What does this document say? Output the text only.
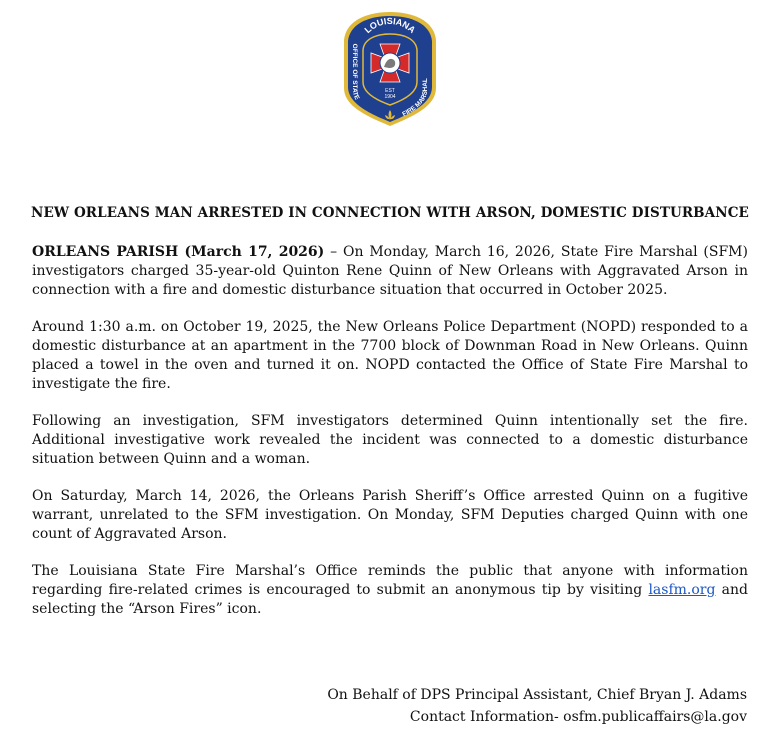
LOUISIANA
OFFICE OF STATE
FIRE MARSHAL
EST
1904
NEW ORLEANS MAN ARRESTED IN CONNECTION WITH ARSON, DOMESTIC DISTURBANCE

ORLEANS PARISH (March 17, 2026) – On Monday, March 16, 2026, State Fire Marshal (SFM) investigators charged 35-year-old Quinton Rene Quinn of New Orleans with Aggravated Arson in connection with a fire and domestic disturbance situation that occurred in October 2025.

Around 1:30 a.m. on October 19, 2025, the New Orleans Police Department (NOPD) responded to a domestic disturbance at an apartment in the 7700 block of Downman Road in New Orleans. Quinn placed a towel in the oven and turned it on. NOPD contacted the Office of State Fire Marshal to investigate the fire.

Following an investigation, SFM investigators determined Quinn intentionally set the fire. Additional investigative work revealed the incident was connected to a domestic disturbance situation between Quinn and a woman.

On Saturday, March 14, 2026, the Orleans Parish Sheriff’s Office arrested Quinn on a fugitive warrant, unrelated to the SFM investigation. On Monday, SFM Deputies charged Quinn with one count of Aggravated Arson.

The Louisiana State Fire Marshal’s Office reminds the public that anyone with information regarding fire-related crimes is encouraged to submit an anonymous tip by visiting lasfm.org and selecting the “Arson Fires” icon.

On Behalf of DPS Principal Assistant, Chief Bryan J. Adams
Contact Information- osfm.publicaffairs@la.gov
